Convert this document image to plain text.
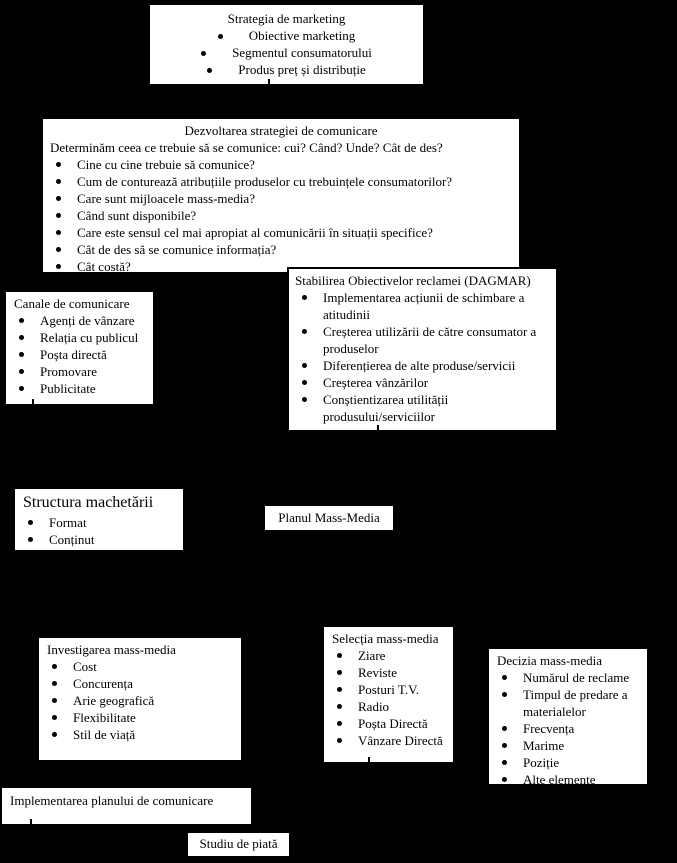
Strategia de marketing
Obiective marketing
Segmentul consumatorului
Produs preț și distribuție
Dezvoltarea strategiei de comunicare
Determinăm ceea ce trebuie să se comunice: cui? Când? Unde? Cât de des?
Cine cu cine trebuie să comunice?
Cum de conturează atribuțiile produselor cu trebuințele consumatorilor?
Care sunt mijloacele mass-media?
Când sunt disponibile?
Care este sensul cel mai apropiat al comunicării în situații specifice?
Cât de des să se comunice informația?
Cât costă?
Canale de comunicare
Agenți de vânzare
Relația cu publicul
Poșta directă
Promovare
Publicitate
Stabilirea Obiectivelor reclamei (DAGMAR)
Implementarea acțiunii de schimbare a atitudinii
Creșterea utilizării de către consumator a produselor
Diferențierea de alte produse/servicii
Creșterea vânzărilor
Conștientizarea utilității produsului/serviciilor
Structura machetării
Format
Conținut
Planul Mass-Media
Investigarea mass-media
Cost
Concurența
Arie geografică
Flexibilitate
Stil de viață
Selecția mass-media
Ziare
Reviste
Posturi T.V.
Radio
Poșta Directă
Vânzare Directă
Decizia mass-media
Numărul de reclame
Timpul de predare a materialelor
Frecvența
Marime
Poziție
Alte elemente
Implementarea planului de comunicare
Studiu de piată
